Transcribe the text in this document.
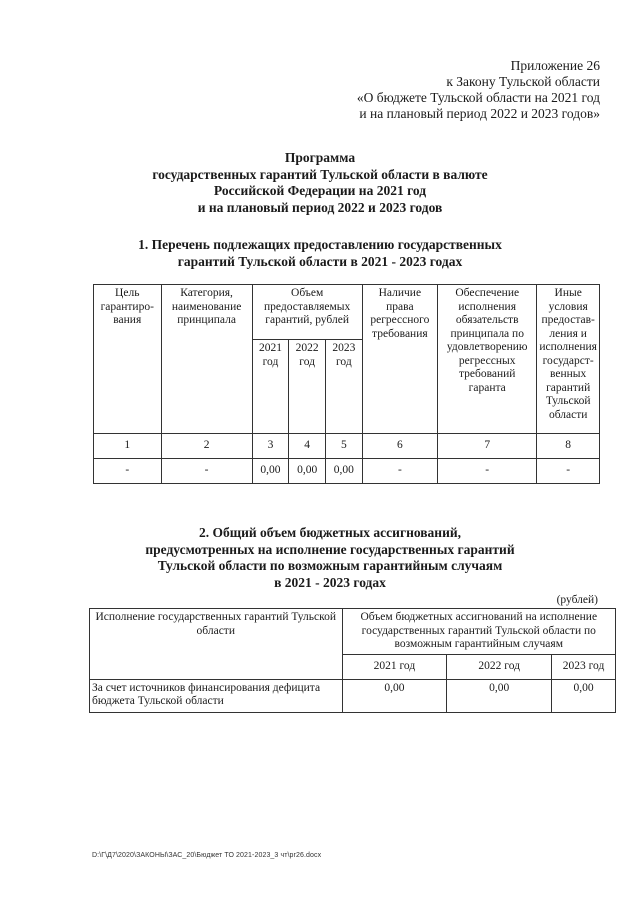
Приложение 26
к Закону Тульской области
«О бюджете Тульской области на 2021 год
и на плановый период 2022 и 2023 годов»
Программа
государственных гарантий Тульской области в валюте
Российской Федерации на 2021 год
и на плановый период 2022 и 2023 годов
1. Перечень подлежащих предоставлению государственных
гарантий Тульской области в 2021 - 2023 годах
Цель гарантиро-вания	Категория, наименование принципала	Объем предоставляемых гарантий, рублей			Наличие права регрессного требования	Обеспечение исполнения обязательств принципала по удовлетворению регрессных требований гаранта	Иные условия предостав-ления и исполнения государст-венных гарантий Тульской области
		2021 год	2022 год	2023 год			
1	2	3	4	5	6	7	8
-	-	0,00	0,00	0,00	-	-	-
2. Общий объем бюджетных ассигнований,
предусмотренных на исполнение государственных гарантий
Тульской области по возможным гарантийным случаям
в 2021 - 2023 годах
(рублей)
Исполнение государственных гарантий Тульской области	Объем бюджетных ассигнований на исполнение государственных гарантий Тульской области по возможным гарантийным случаям		
	2021 год	2022 год	2023 год
За счет источников финансирования дефицита бюджета Тульской области	0,00	0,00	0,00
D:\Г\Д7\2020\ЗАКОНЫ\ЗАС_20\Бюджет ТО 2021-2023_3 чт\pr26.docx
